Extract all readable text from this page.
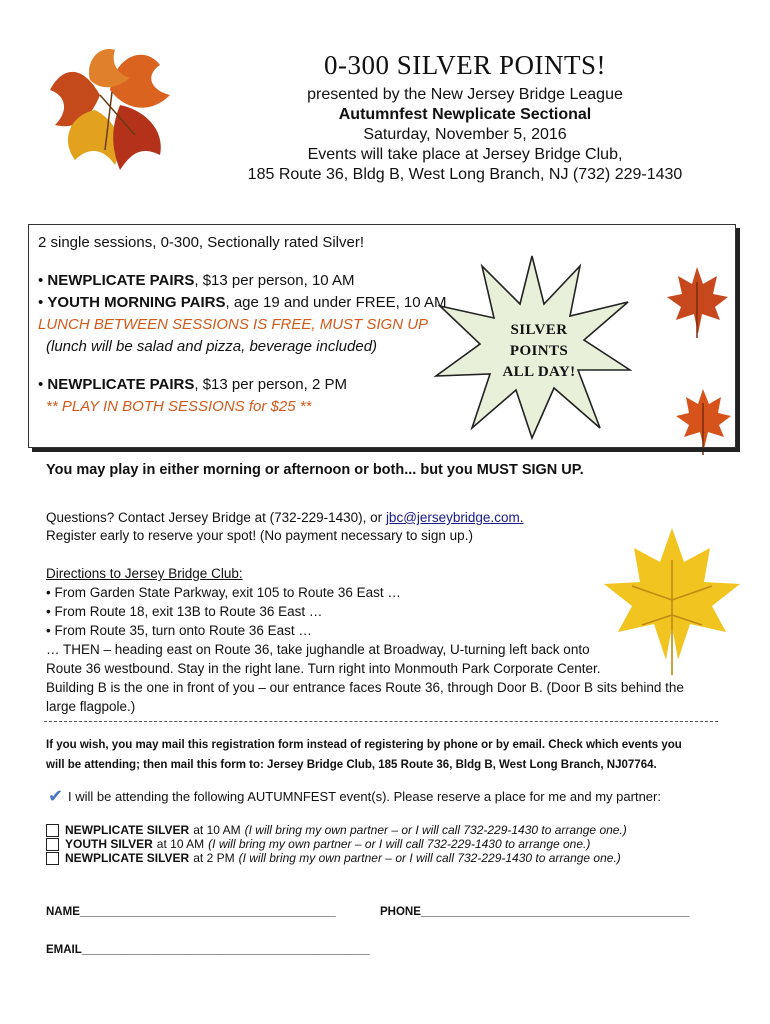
0-300 SILVER POINTS!
presented by the New Jersey Bridge League
Autumnfest Newplicate Sectional
Saturday, November 5, 2016
Events will take place at Jersey Bridge Club,
185 Route 36, Bldg B, West Long Branch, NJ (732) 229-1430
2 single sessions, 0-300, Sectionally rated Silver!
• NEWPLICATE PAIRS, $13 per person, 10 AM
• YOUTH MORNING PAIRS, age 19 and under FREE, 10 AM
LUNCH BETWEEN SESSIONS IS FREE, MUST SIGN UP
(lunch will be salad and pizza, beverage included)
• NEWPLICATE PAIRS, $13 per person, 2 PM
** PLAY IN BOTH SESSIONS for $25 **
SILVER
POINTS
ALL DAY!
You may play in either morning or afternoon or both... but you MUST SIGN UP.
Questions? Contact Jersey Bridge at (732-229-1430), or jbc@jerseybridge.com.
Register early to reserve your spot! (No payment necessary to sign up.)
Directions to Jersey Bridge Club:
• From Garden State Parkway, exit 105 to Route 36 East …
• From Route 18, exit 13B to Route 36 East …
• From Route 35, turn onto Route 36 East …
… THEN – heading east on Route 36, take jughandle at Broadway, U-turning left back onto
Route 36 westbound. Stay in the right lane. Turn right into Monmouth Park Corporate Center.
Building B is the one in front of you – our entrance faces Route 36, through Door B. (Door B sits behind the
large flagpole.)
If you wish, you may mail this registration form instead of registering by phone or by email. Check which events you
will be attending; then mail this form to: Jersey Bridge Club, 185 Route 36, Bldg B, West Long Branch, NJ07764.
✔ I will be attending the following AUTUMNFEST event(s). Please reserve a place for me and my partner:
NEWPLICATE SILVER at 10 AM (I will bring my own partner – or I will call 732-229-1430 to arrange one.)
YOUTH SILVER at 10 AM (I will bring my own partner – or I will call 732-229-1430 to arrange one.)
NEWPLICATE SILVER at 2 PM (I will bring my own partner – or I will call 732-229-1430 to arrange one.)
NAME________________________________________	PHONE__________________________________________
EMAIL_____________________________________________
